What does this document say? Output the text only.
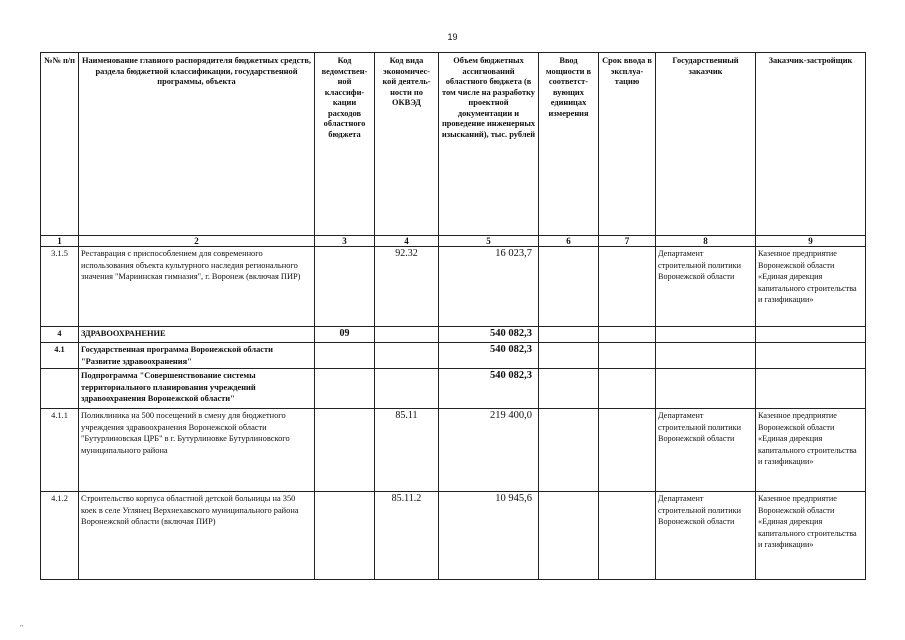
19
№№ п/п	Наименование главного распорядителя бюджетных средств, раздела бюджетной классификации, государственной программы, объекта	Код ведомствен-ной классифи-кации расходов областного бюджета	Код вида экономичес-кой деятель-ности по ОКВЭД	Объем бюджетных ассигнований областного бюджета (в том числе на разработку проектной документации и проведение инженерных изысканий), тыс. рублей	Ввод мощности в соответст-вующих единицах измерения	Срок ввода в эксплуа-тацию	Государственный заказчик	Заказчик-застройщик
1	2	3	4	5	6	7	8	9
3.1.5	Реставрация с приспособлением для современного использования объекта культурного наследия регионального значения "Мариинская гимназия", г. Воронеж (включая ПИР)		92.32	16 023,7			Департамент строительной политики Воронежской области	Казенное предприятие Воронежской области «Единая дирекция капитального строительства и газификации»
4	ЗДРАВООХРАНЕНИЕ	09		540 082,3				
4.1	Государственная программа Воронежской области "Развитие здравоохранения"			540 082,3				
	Подпрограмма "Совершенствование системы территориального планирования учреждений здравоохранения Воронежской области"			540 082,3				
4.1.1	Поликлиника на 500 посещений в смену для бюджетного учреждения здравоохранения Воронежской области "Бутурлиновская ЦРБ" в г. Бутурлиновке Бутурлиновского муниципального района		85.11	219 400,0			Департамент строительной политики Воронежской области	Казенное предприятие Воронежской области «Единая дирекция капитального строительства и газификации»
4.1.2	Строительство корпуса областной детской больницы на 350 коек в селе Углянец Верхнехавского муниципального района Воронежской области (включая ПИР)		85.11.2	10 945,6			Департамент строительной политики Воронежской области	Казенное предприятие Воронежской области «Единая дирекция капитального строительства и газификации»
,,
